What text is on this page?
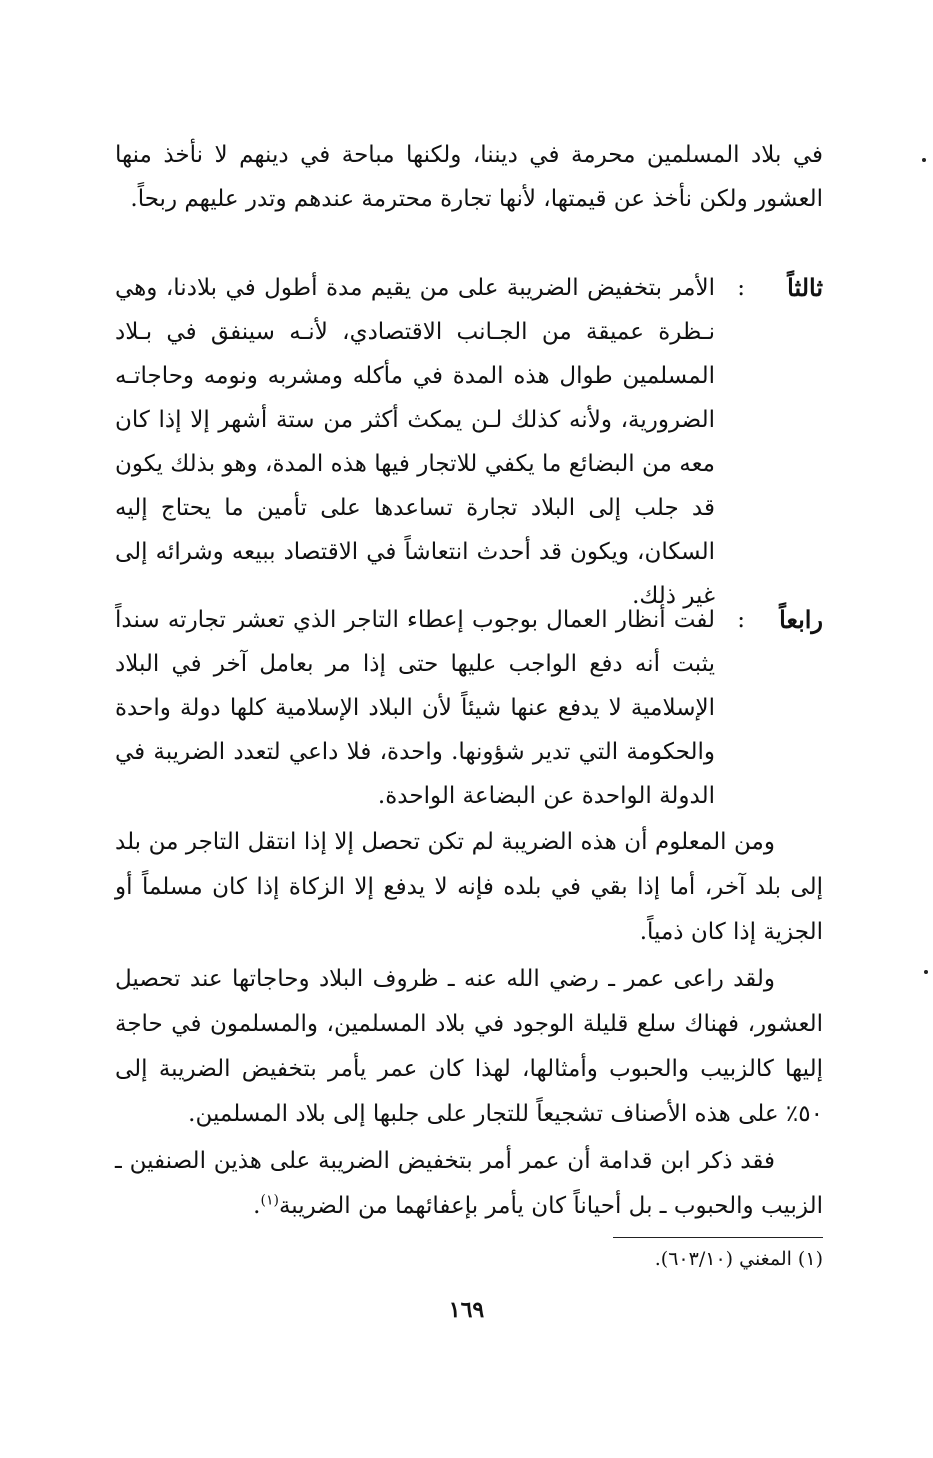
في بلاد المسلمين محرمة في ديننا، ولكنها مباحة في دينهم لا نأخذ منها العشور ولكن نأخذ عن قيمتها، لأنها تجارة محترمة عندهم وتدر عليهم ربحاً.
ثالثاً
:
الأمر بتخفيض الضريبة على من يقيم مدة أطول في بلادنا، وهي نـظرة عميقة من الجـانب الاقتصادي، لأنـه سينفق في بـلاد المسلمين طوال هذه المدة في مأكله ومشربه ونومه وحاجاتـه الضرورية، ولأنه كذلك لـن يمكث أكثر من ستة أشهر إلا إذا كان معه من البضائع ما يكفي للاتجار فيها هذه المدة، وهو بذلك يكون قد جلب إلى البلاد تجارة تساعدها على تأمين ما يحتاج إليه السكان، ويكون قد أحدث انتعاشاً في الاقتصاد ببيعه وشرائه إلى غير ذلك.
رابعاً
:
لفت أنظار العمال بوجوب إعطاء التاجر الذي تعشر تجارته سنداً يثبت أنه دفع الواجب عليها حتى إذا مر بعامل آخر في البلاد الإسلامية لا يدفع عنها شيئاً لأن البلاد الإسلامية كلها دولة واحدة والحكومة التي تدير شؤونها. واحدة، فلا داعي لتعدد الضريبة في الدولة الواحدة عن البضاعة الواحدة.
ومن المعلوم أن هذه الضريبة لم تكن تحصل إلا إذا انتقل التاجر من بلد إلى بلد آخر، أما إذا بقي في بلده فإنه لا يدفع إلا الزكاة إذا كان مسلماً أو الجزية إذا كان ذمياً.
ولقد راعى عمر ـ رضي الله عنه ـ ظروف البلاد وحاجاتها عند تحصيل العشور، فهناك سلع قليلة الوجود في بلاد المسلمين، والمسلمون في حاجة إليها كالزبيب والحبوب وأمثالها، لهذا كان عمر يأمر بتخفيض الضريبة إلى ٥٠٪ على هذه الأصناف تشجيعاً للتجار على جلبها إلى بلاد المسلمين.
فقد ذكر ابن قدامة أن عمر أمر بتخفيض الضريبة على هذين الصنفين ـ الزبيب والحبوب ـ بل أحياناً كان يأمر بإعفائهما من الضريبة$^{(١)}$.
(١) المغني (٦٠٣/١٠).
١٦٩
